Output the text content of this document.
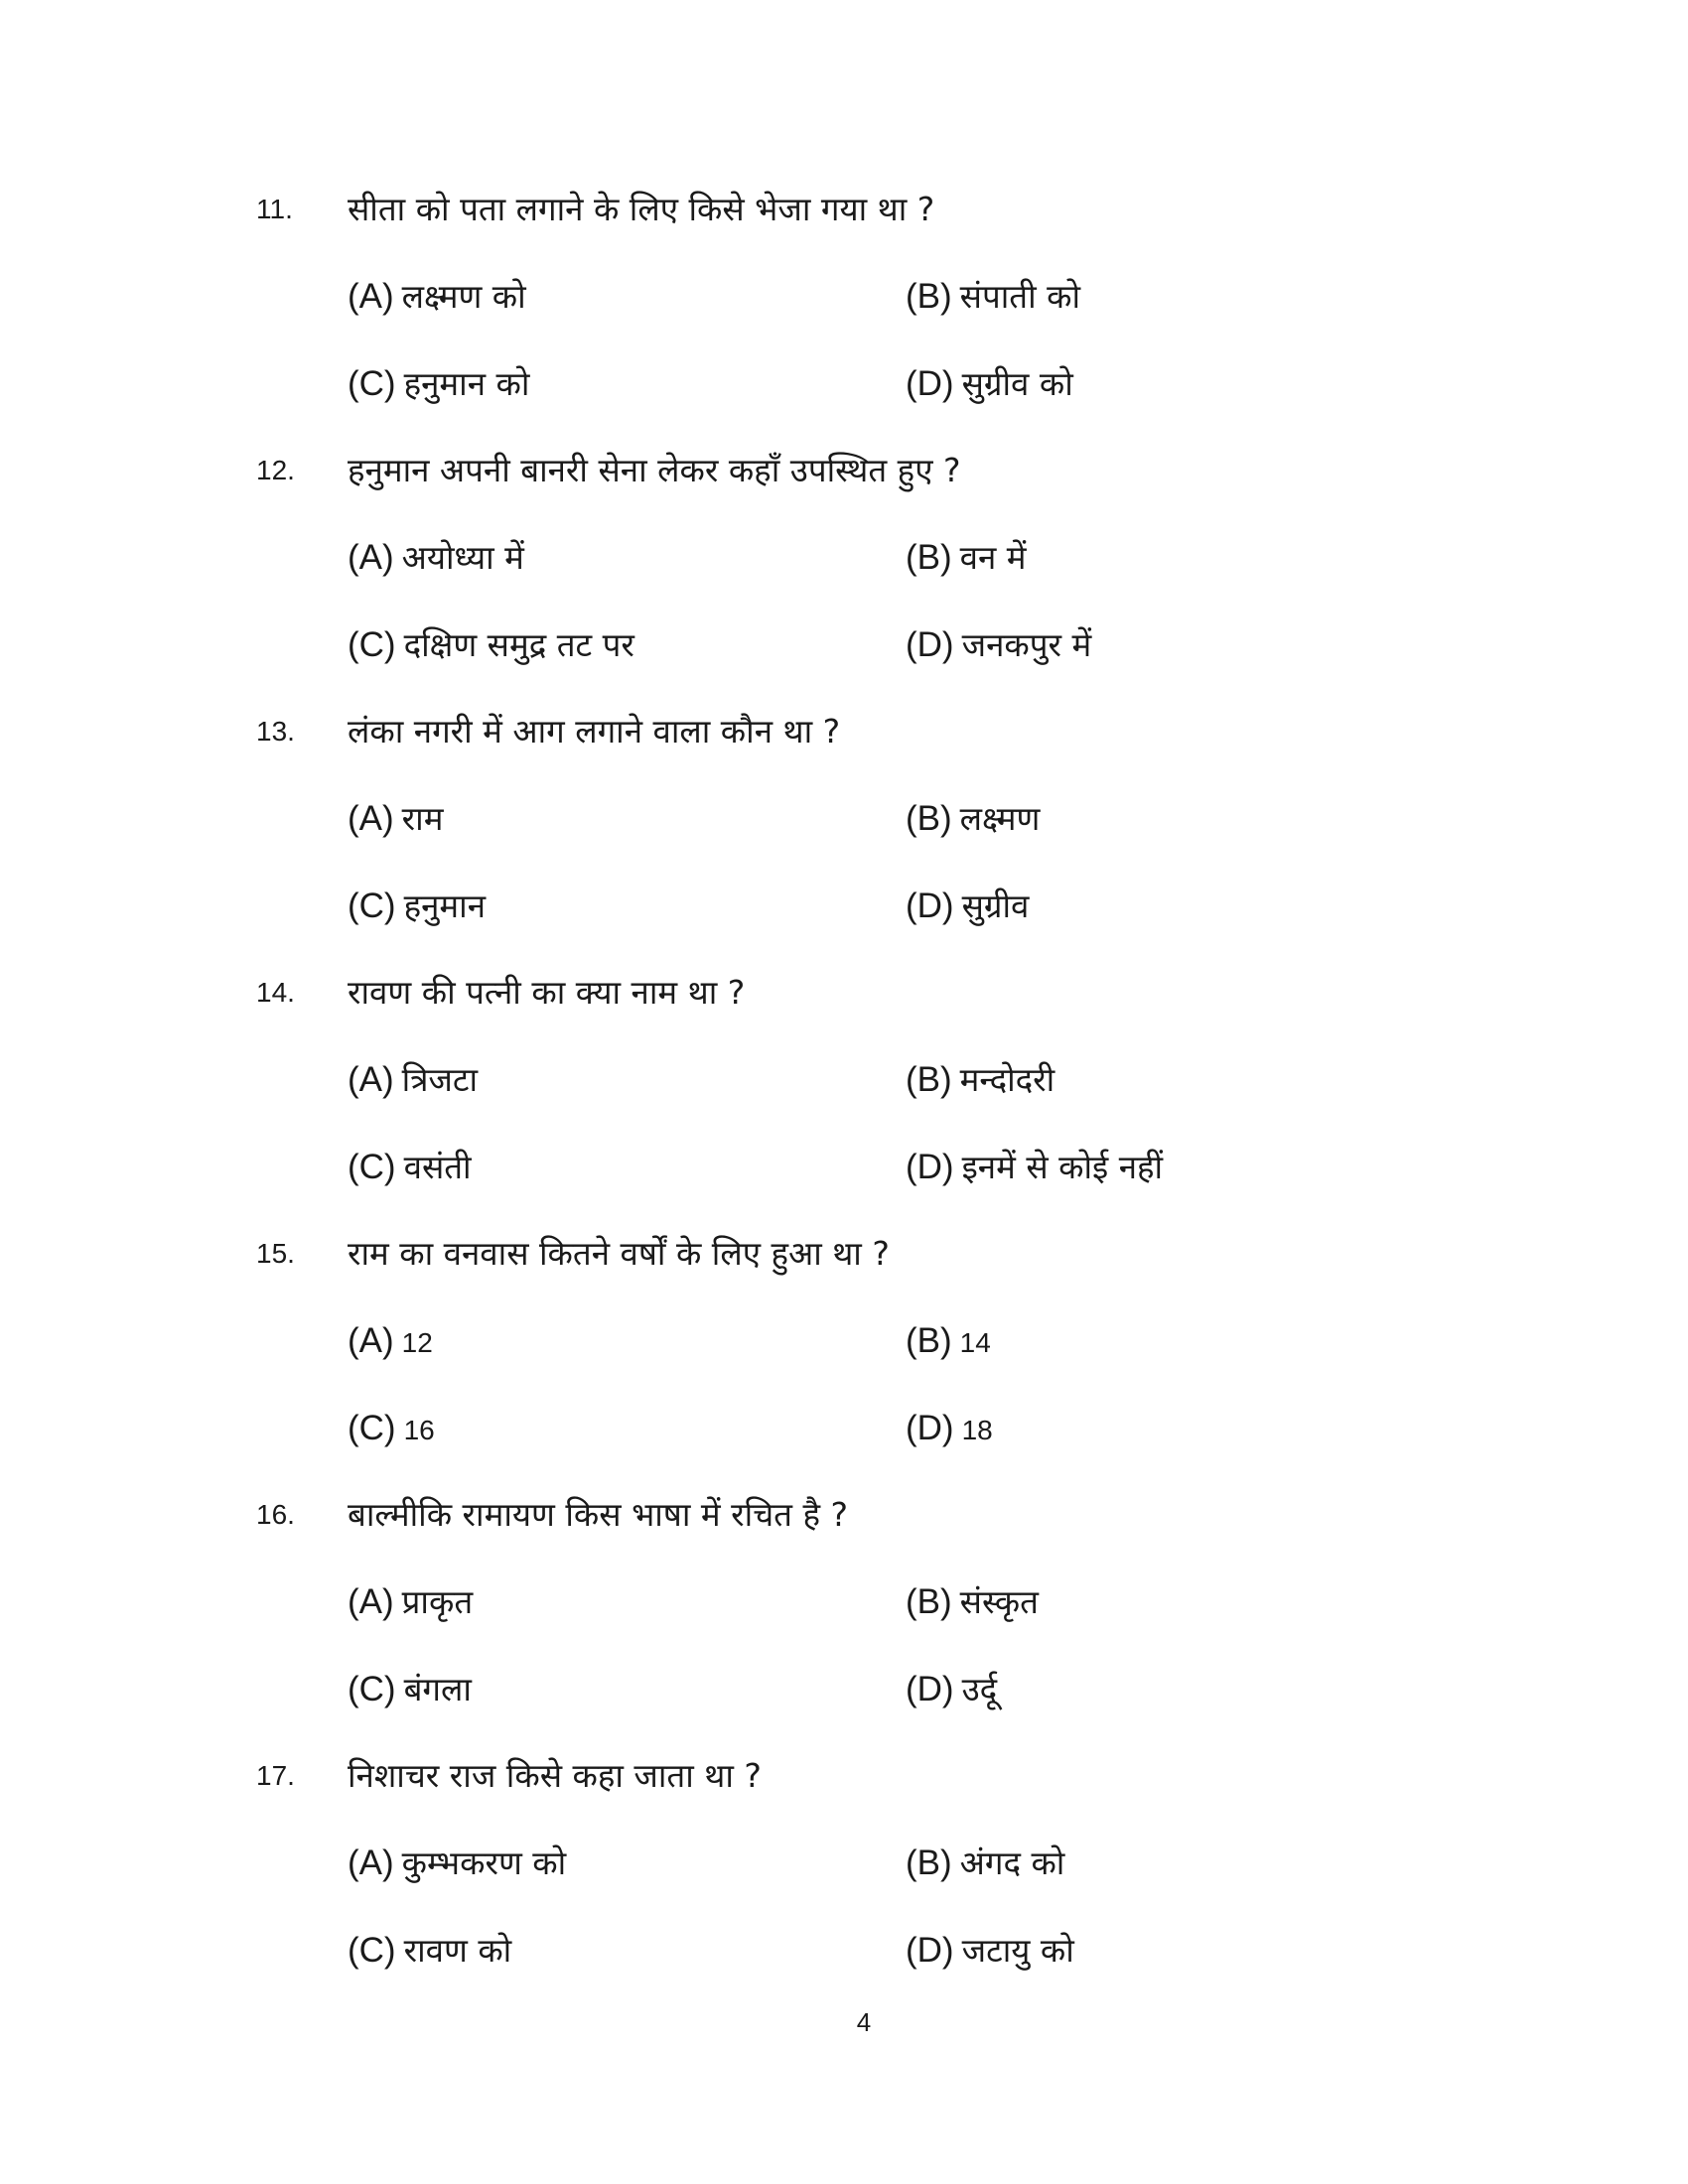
11. सीता को पता लगाने के लिए किसे भेजा गया था ?
(A) लक्ष्मण को	(B) संपाती को
(C) हनुमान को	(D) सुग्रीव को
12. हनुमान अपनी बानरी सेना लेकर कहाँ उपस्थित हुए ?
(A) अयोध्या में	(B) वन में
(C) दक्षिण समुद्र तट पर	(D) जनकपुर में
13. लंका नगरी में आग लगाने वाला कौन था ?
(A) राम	(B) लक्ष्मण
(C) हनुमान	(D) सुग्रीव
14. रावण की पत्नी का क्या नाम था ?
(A) त्रिजटा	(B) मन्दोदरी
(C) वसंती	(D) इनमें से कोई नहीं
15. राम का वनवास कितने वर्षों के लिए हुआ था ?
(A) 12	(B) 14
(C) 16	(D) 18
16. बाल्मीकि रामायण किस भाषा में रचित है ?
(A) प्राकृत	(B) संस्कृत
(C) बंगला	(D) उर्दू
17. निशाचर राज किसे कहा जाता था ?
(A) कुम्भकरण को	(B) अंगद को
(C) रावण को	(D) जटायु को
4
